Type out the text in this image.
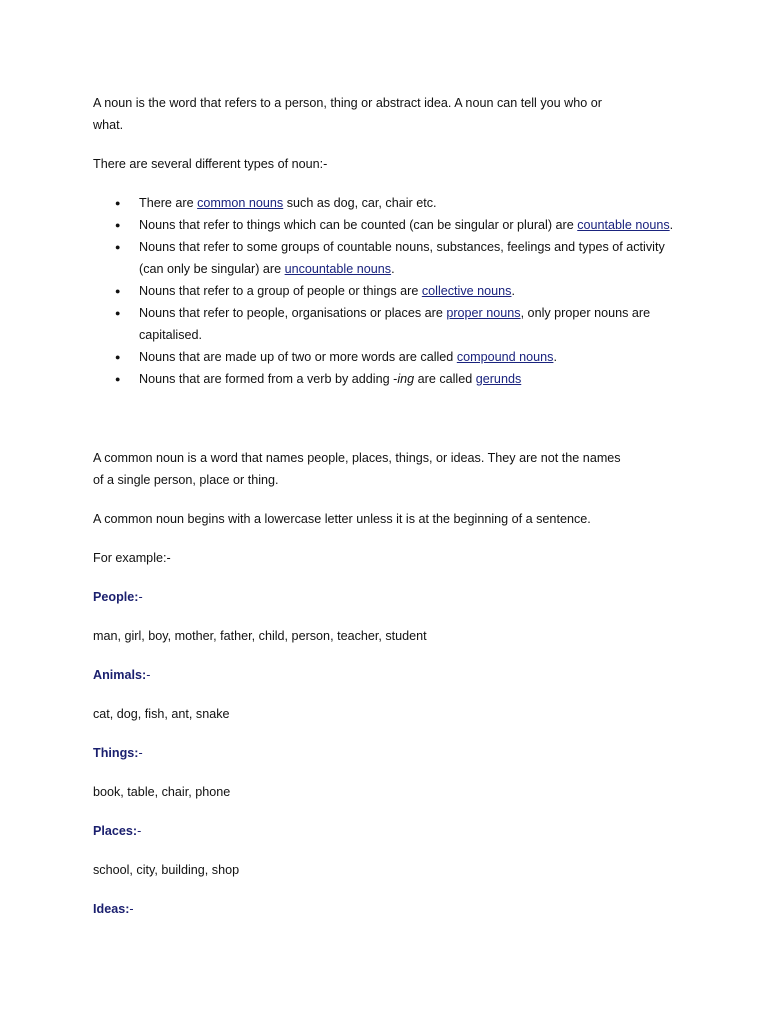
A noun is the word that refers to a person, thing or abstract idea. A noun can tell you who or
what.

There are several different types of noun:-

● There are common nouns such as dog, car, chair etc.
● Nouns that refer to things which can be counted (can be singular or plural) are countable nouns.
● Nouns that refer to some groups of countable nouns, substances, feelings and types of activity (can only be singular) are uncountable nouns.
● Nouns that refer to a group of people or things are collective nouns.
● Nouns that refer to people, organisations or places are proper nouns, only proper nouns are capitalised.
● Nouns that are made up of two or more words are called compound nouns.
● Nouns that are formed from a verb by adding -ing are called gerunds

A common noun is a word that names people, places, things, or ideas. They are not the names
of a single person, place or thing.

A common noun begins with a lowercase letter unless it is at the beginning of a sentence.

For example:-

People:-

man, girl, boy, mother, father, child, person, teacher, student

Animals:-

cat, dog, fish, ant, snake

Things:-

book, table, chair, phone

Places:-

school, city, building, shop

Ideas:-
